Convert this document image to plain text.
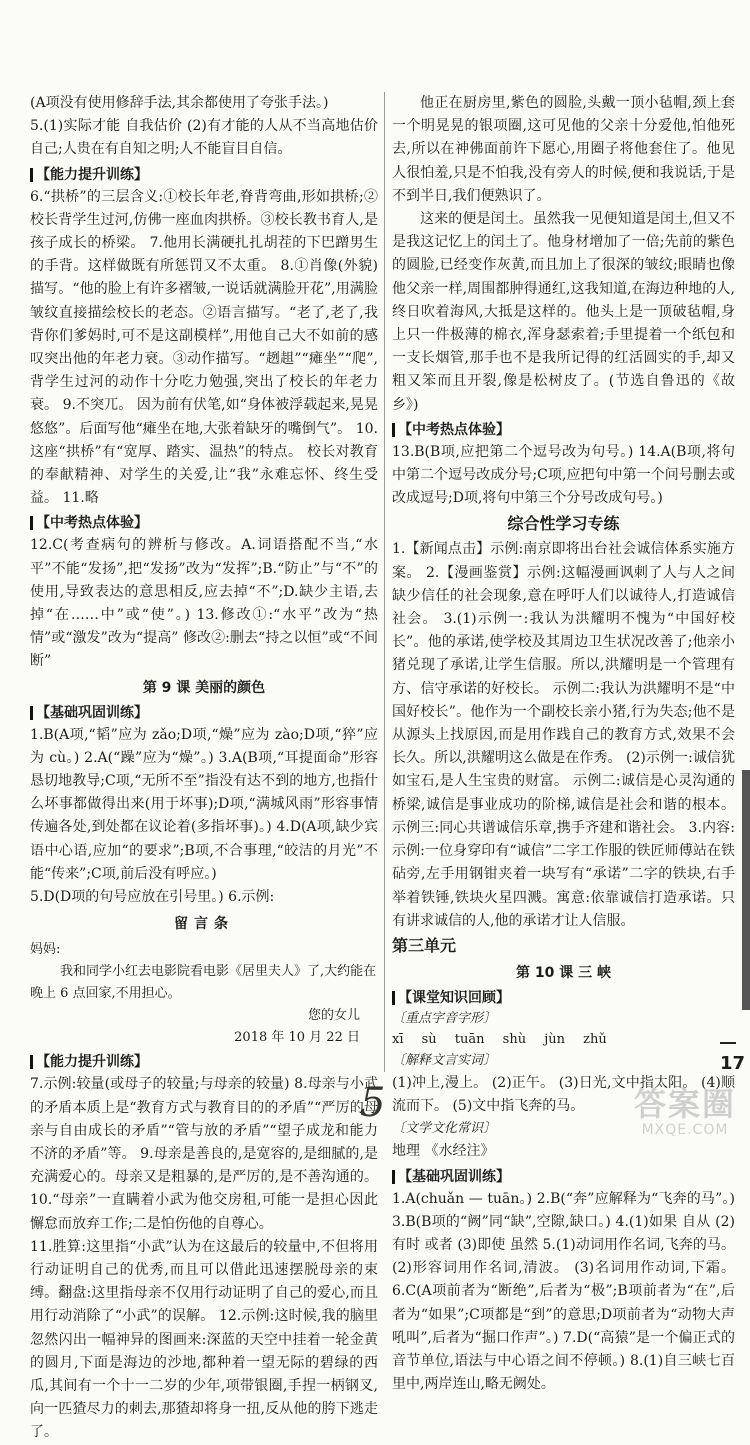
(A项没有使用修辞手法,其余都使用了夸张手法。)

5.(1)实际才能 自我估价 (2)有才能的人从不当高地估价自己;人贵在有自知之明;人不能盲目自信。

【能力提升训练】

6.“拱桥”的三层含义:①校长年老,脊背弯曲,形如拱桥;②校长背学生过河,仿佛一座血肉拱桥。③校长教书育人,是孩子成长的桥梁。 7.他用长满硬扎扎胡茬的下巴蹭男生的手背。这样做既有所惩罚又不太重。 8.①肖像(外貌)描写。“他的脸上有许多褶皱,一说话就满脸开花”,用满脸皱纹直接描绘校长的老态。②语言描写。“老了,老了,我背你们爹妈时,可不是这副模样”,用他自己大不如前的感叹突出他的年老力衰。③动作描写。“趔趄”“瘫坐”“爬”,背学生过河的动作十分吃力勉强,突出了校长的年老力衰。 9.不突兀。 因为前有伏笔,如“身体被浮载起来,晃晃悠悠”。后面写他“瘫坐在地,大张着缺牙的嘴倒气”。 10.这座“拱桥”有“宽厚、踏实、温热”的特点。 校长对教育的奉献精神、对学生的关爱,让“我”永难忘怀、终生受益。 11.略

【中考热点体验】

12.C(考查病句的辨析与修改。A.词语搭配不当,“水平”不能“发扬”,把“发扬”改为“发挥”;B.“防止”与“不”的使用,导致表达的意思相反,应去掉“不”;D.缺少主语,去掉“在……中”或“使”。) 13.修改①:“水平”改为“热情”或“激发”改为“提高” 修改②:删去“持之以恒”或“不间断”

第 9 课 美丽的颜色
【基础巩固训练】

1.B(A项,“韬”应为 zǎo;D项,“燥”应为 zào;D项,“猝”应为 cù。) 2.A(“躁”应为“燥”。) 3.A(B项,“耳提面命”形容恳切地教导;C项,“无所不至”指没有达不到的地方,也指什么坏事都做得出来(用于坏事);D项,“满城风雨”形容事情传遍各处,到处都在议论着(多指坏事)。) 4.D(A项,缺少宾语中心语,应加“的要求”;B项,不合事理,“皎洁的月光”不能“传来”;C项,前后没有呼应。)

5.D(D项的句号应放在引号里。) 6.示例:

留言条
妈妈:
我和同学小红去电影院看电影《居里夫人》了,大约能在晚上 6 点回家,不用担心。
您的女儿
2018 年 10 月 22 日
【能力提升训练】

7.示例:较量(或母子的较量;与母亲的较量) 8.母亲与小武的矛盾本质上是“教育方式与教育目的的矛盾”“严厉的母亲与自由成长的矛盾”“管与放的矛盾”“望子成龙和能力不济的矛盾”等。 9.母亲是善良的,是宽容的,是细腻的,是充满爱心的。母亲又是粗暴的,是严厉的,是不善沟通的。 10.“母亲”一直瞒着小武为他交房租,可能一是担心因此懈怠而放弃工作;二是怕伤他的自尊心。

11.胜算:这里指“小武”认为在这最后的较量中,不但将用行动证明自己的优秀,而且可以借此迅速摆脱母亲的束缚。翻盘:这里指母亲不仅用行动证明了自己的爱心,而且用行动消除了“小武”的误解。 12.示例:这时候,我的脑里忽然闪出一幅神异的图画来:深蓝的天空中挂着一轮金黄的圆月,下面是海边的沙地,都种着一望无际的碧绿的西瓜,其间有一个十一二岁的少年,项带银圈,手捏一柄钢叉,向一匹猹尽力的刺去,那猹却将身一扭,反从他的胯下逃走了。

他正在厨房里,紫色的圆脸,头戴一顶小毡帽,颈上套一个明晃晃的银项圈,这可见他的父亲十分爱他,怕他死去,所以在神佛面前许下愿心,用圈子将他套住了。他见人很怕羞,只是不怕我,没有旁人的时候,便和我说话,于是不到半日,我们便熟识了。

这来的便是闰土。虽然我一见便知道是闰土,但又不是我这记忆上的闰土了。他身材增加了一倍;先前的紫色的圆脸,已经变作灰黄,而且加上了很深的皱纹;眼睛也像他父亲一样,周围都肿得通红,这我知道,在海边种地的人,终日吹着海风,大抵是这样的。他头上是一顶破毡帽,身上只一件极薄的棉衣,浑身瑟索着;手里提着一个纸包和一支长烟管,那手也不是我所记得的红活圆实的手,却又粗又笨而且开裂,像是松树皮了。(节选自鲁迅的《故乡》)

【中考热点体验】

13.B(B项,应把第二个逗号改为句号。) 14.A(B项,将句中第二个逗号改成分号;C项,应把句中第一个问号删去或改成逗号;D项,将句中第三个分号改成句号。)

综合性学习专练

1.【新闻点击】示例:南京即将出台社会诚信体系实施方案。 2.【漫画鉴赏】示例:这幅漫画讽刺了人与人之间缺少信任的社会现象,意在呼吁人们以诚待人,打造诚信社会。 3.(1)示例一:我认为洪耀明不愧为“中国好校长”。他的承诺,使学校及其周边卫生状况改善了;他亲小猪兑现了承诺,让学生信服。所以,洪耀明是一个管理有方、信守承诺的好校长。 示例二:我认为洪耀明不是“中国好校长”。他作为一个副校长亲小猪,行为失态;他不是从源头上找原因,而是用作践自己的教育方式,效果不会长久。所以,洪耀明这么做是在作秀。 (2)示例一:诚信犹如宝石,是人生宝贵的财富。 示例二:诚信是心灵沟通的桥梁,诚信是事业成功的阶梯,诚信是社会和谐的根本。 示例三:同心共谱诚信乐章,携手齐建和谐社会。 3.内容:示例:一位身穿印有“诚信”二字工作服的铁匠师傅站在铁砧旁,左手用钢钳夹着一块写有“承诺”二字的铁块,右手举着铁锤,铁块火星四溅。寓意:依靠诚信打造承诺。只有讲求诚信的人,他的承诺才让人信服。

第三单元
第 10 课 三 峡
【课堂知识回顾】
〔重点字音字形〕
xī sù tuān shù jùn zhǔ
〔解释文言实词〕

(1)冲上,漫上。 (2)正午。 (3)日光,文中指太阳。 (4)顺流而下。 (5)文中指飞奔的马。

〔文学文化常识〕

地理 《水经注》

【基础巩固训练】

1.A(chuǎn — tuān。) 2.B(“奔”应解释为“飞奔的马”。) 3.B(B项的“阙”同“缺”,空隙,缺口。) 4.(1)如果 自从 (2)有时 或者 (3)即使 虽然 5.(1)动词用作名词,飞奔的马。 (2)形容词用作名词,清波。 (3)名词用作动词,下霜。 6.C(A项前者为“断绝”,后者为“极”;B项前者为“在”,后者为“如果”;C项都是“到”的意思;D项前者为“动物大声吼叫”,后者为“掘口作声”。) 7.D(“高猿”是一个偏正式的音节单位,语法与中心语之间不停顿。) 8.(1)自三峡七百里中,两岸连山,略无阙处。

17
5	答案圈
MXQE.COM
